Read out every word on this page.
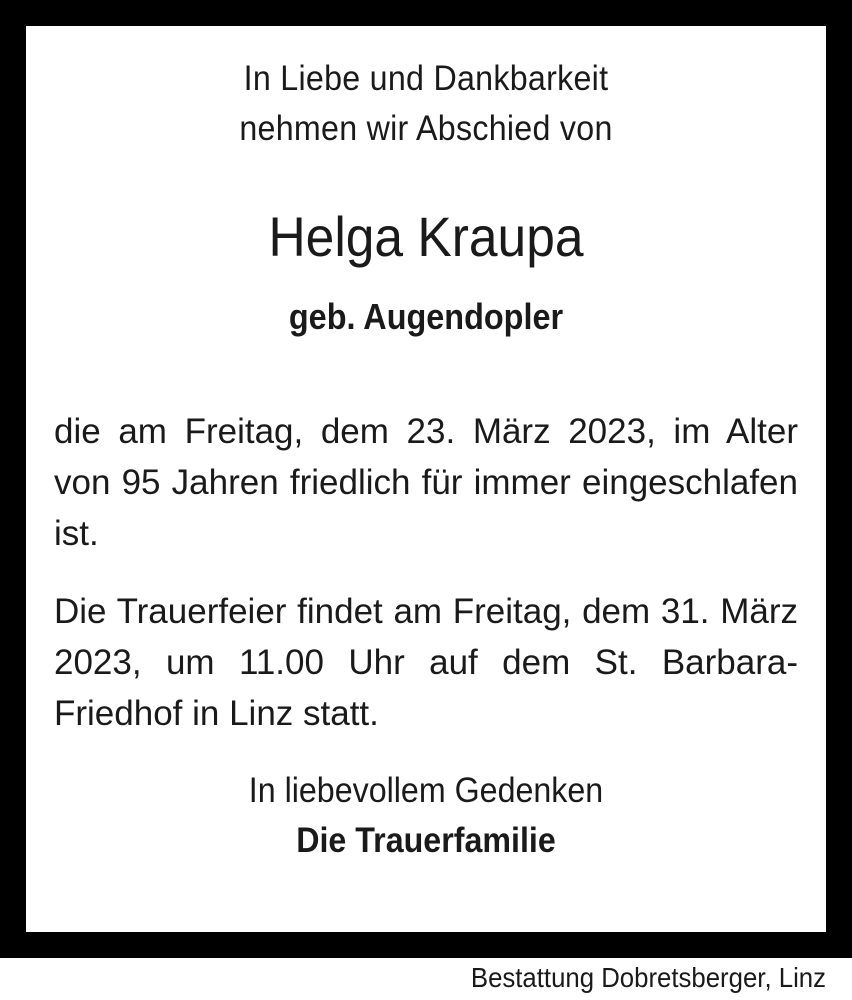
In Liebe und Dankbarkeit
nehmen wir Abschied von
Helga Kraupa
geb. Augendopler
die am Freitag, dem 23. März 2023, im Alter von 95 Jahren friedlich für immer eingeschlafen ist.
Die Trauerfeier findet am Freitag, dem 31. März 2023, um 11.00 Uhr auf dem St. Barbara-Friedhof in Linz statt.
In liebevollem Gedenken
Die Trauerfamilie
Bestattung Dobretsberger, Linz
